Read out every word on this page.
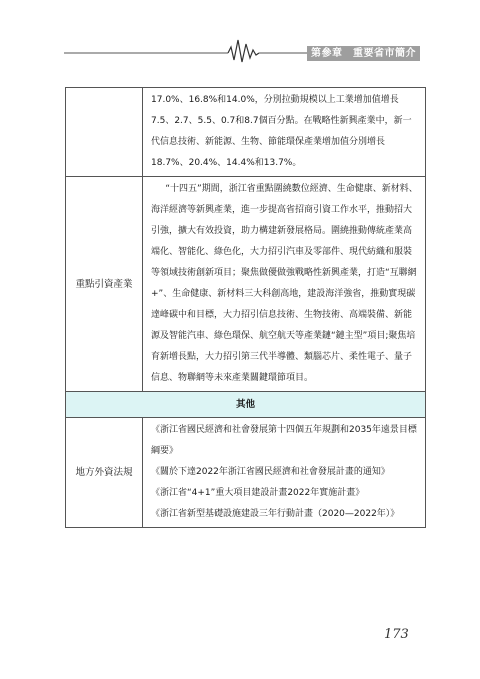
第參章　重要省市簡介

	17.0%、16.8%和14.0%，分別拉動規模以上工業增加值增長7.5、2.7、5.5、0.7和8.7個百分點。在戰略性新興產業中，新一代信息技術、新能源、生物、節能環保產業增加值分別增長18.7%、20.4%、14.4%和13.7%。

重點引資產業	“十四五”期間，浙江省重點圍繞數位經濟、生命健康、新材料、海洋經濟等新興產業，進一步提高省招商引資工作水平，推動招大引強，擴大有效投資，助力構建新發展格局。圍繞推動傳統產業高端化、智能化、綠色化，大力招引汽車及零部件、現代紡織和服裝等領域技術創新項目；聚焦做優做強戰略性新興產業，打造“互聯網+”、生命健康、新材料三大科創高地，建設海洋強省，推動實現碳達峰碳中和目標，大力招引信息技術、生物技術、高端裝備、新能源及智能汽車、綠色環保、航空航天等產業鏈“鏈主型”項目;聚焦培育新增長點，大力招引第三代半導體、類腦芯片、柔性電子、量子信息、物聯網等未來產業關鍵環節項目。

其他	
地方外資法規	《浙江省國民經濟和社會發展第十四個五年規劃和2035年遠景目標綱要》

《關於下達2022年浙江省國民經濟和社會發展計畫的通知》

《浙江省“4+1”重大項目建設計畫2022年實施計畫》

《浙江省新型基礎設施建設三年行動計畫（2020—2022年）》

173
